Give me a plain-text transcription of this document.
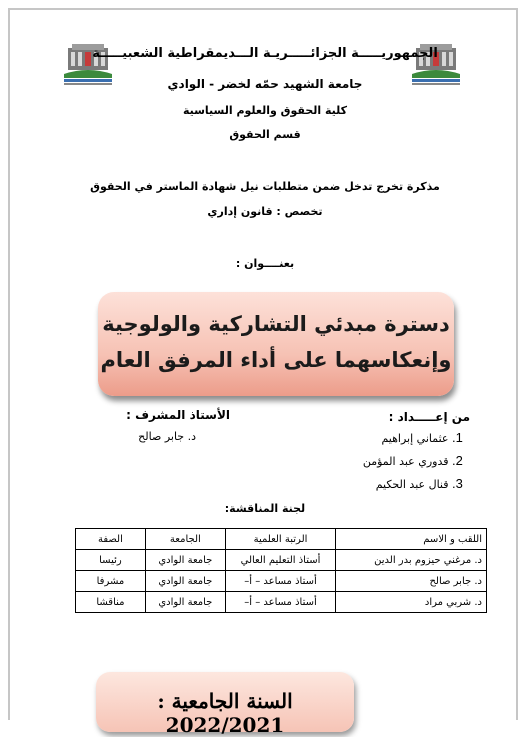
الجمهوريـــــة الجزائـــــريـة الـــديمقراطية الشعبيـــــة
جامعة الشهيد حمّه لخضر - الوادي
كلية الحقوق والعلوم السياسية
قسم الحقوق
مذكرة تخرج تدخل ضمن متطلبات نيل شهادة الماستر في الحقوق
تخصص : قانون إداري
بعنــــوان :
دسترة مبدئي التشاركية والولوجية
وإنعكاسهما على أداء المرفق العام
من إعـــــداد :
الأستاذ المشرف :
د. جابر صالح	1. عثماني إبراهيم
2. قدوري عبد المؤمن
3. قنال عبد الحكيم
لجنة المناقشة:
اللقب و الاسم	الرتبة العلمية	الجامعة	الصفة
د. مرغني حيزوم بدر الدين	أستاذ التعليم العالي	جامعة الوادي	رئيسا
د. جابر صالح	أستاذ مساعد – أ–	جامعة الوادي	مشرفا
د. شربي مراد	أستاذ مساعد – أ–	جامعة الوادي	مناقشا
السنة الجامعية : 2022/2021
